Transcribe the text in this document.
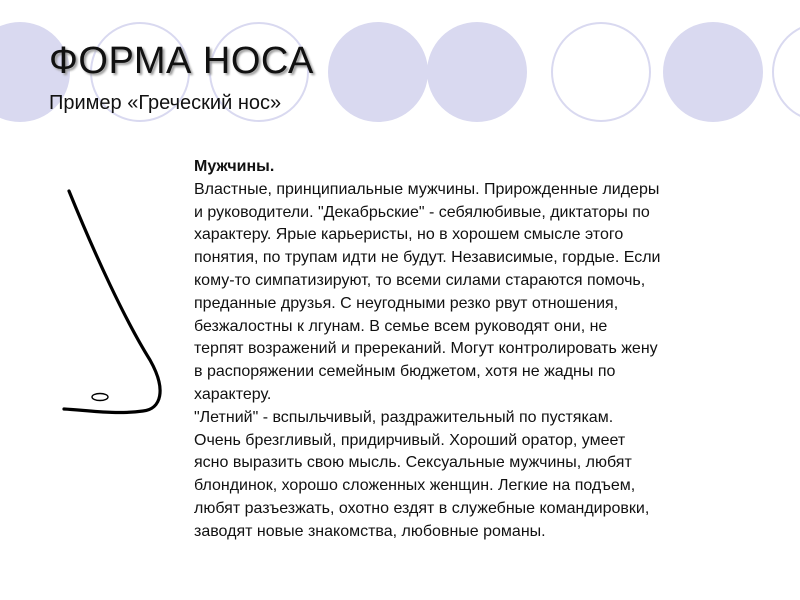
ФОРМА НОСА
Пример «Греческий нос»
Мужчины.

Властные, принципиальные мужчины. Прирожденные лидеры
и руководители. "Декабрьские" - себялюбивые, диктаторы по
характеру. Ярые карьеристы, но в хорошем смысле этого
понятия, по трупам идти не будут. Независимые, гордые. Если
кому-то симпатизируют, то всеми силами стараются помочь,
преданные друзья. С неугодными резко рвут отношения,
безжалостны к лгунам. В семье всем руководят они, не
терпят возражений и пререканий. Могут контролировать жену
в распоряжении семейным бюджетом, хотя не жадны по
характеру.

"Летний" - вспыльчивый, раздражительный по пустякам.
Очень брезгливый, придирчивый. Хороший оратор, умеет
ясно выразить свою мысль. Сексуальные мужчины, любят
блондинок, хорошо сложенных женщин. Легкие на подъем,
любят разъезжать, охотно ездят в служебные командировки,
заводят новые знакомства, любовные романы.
